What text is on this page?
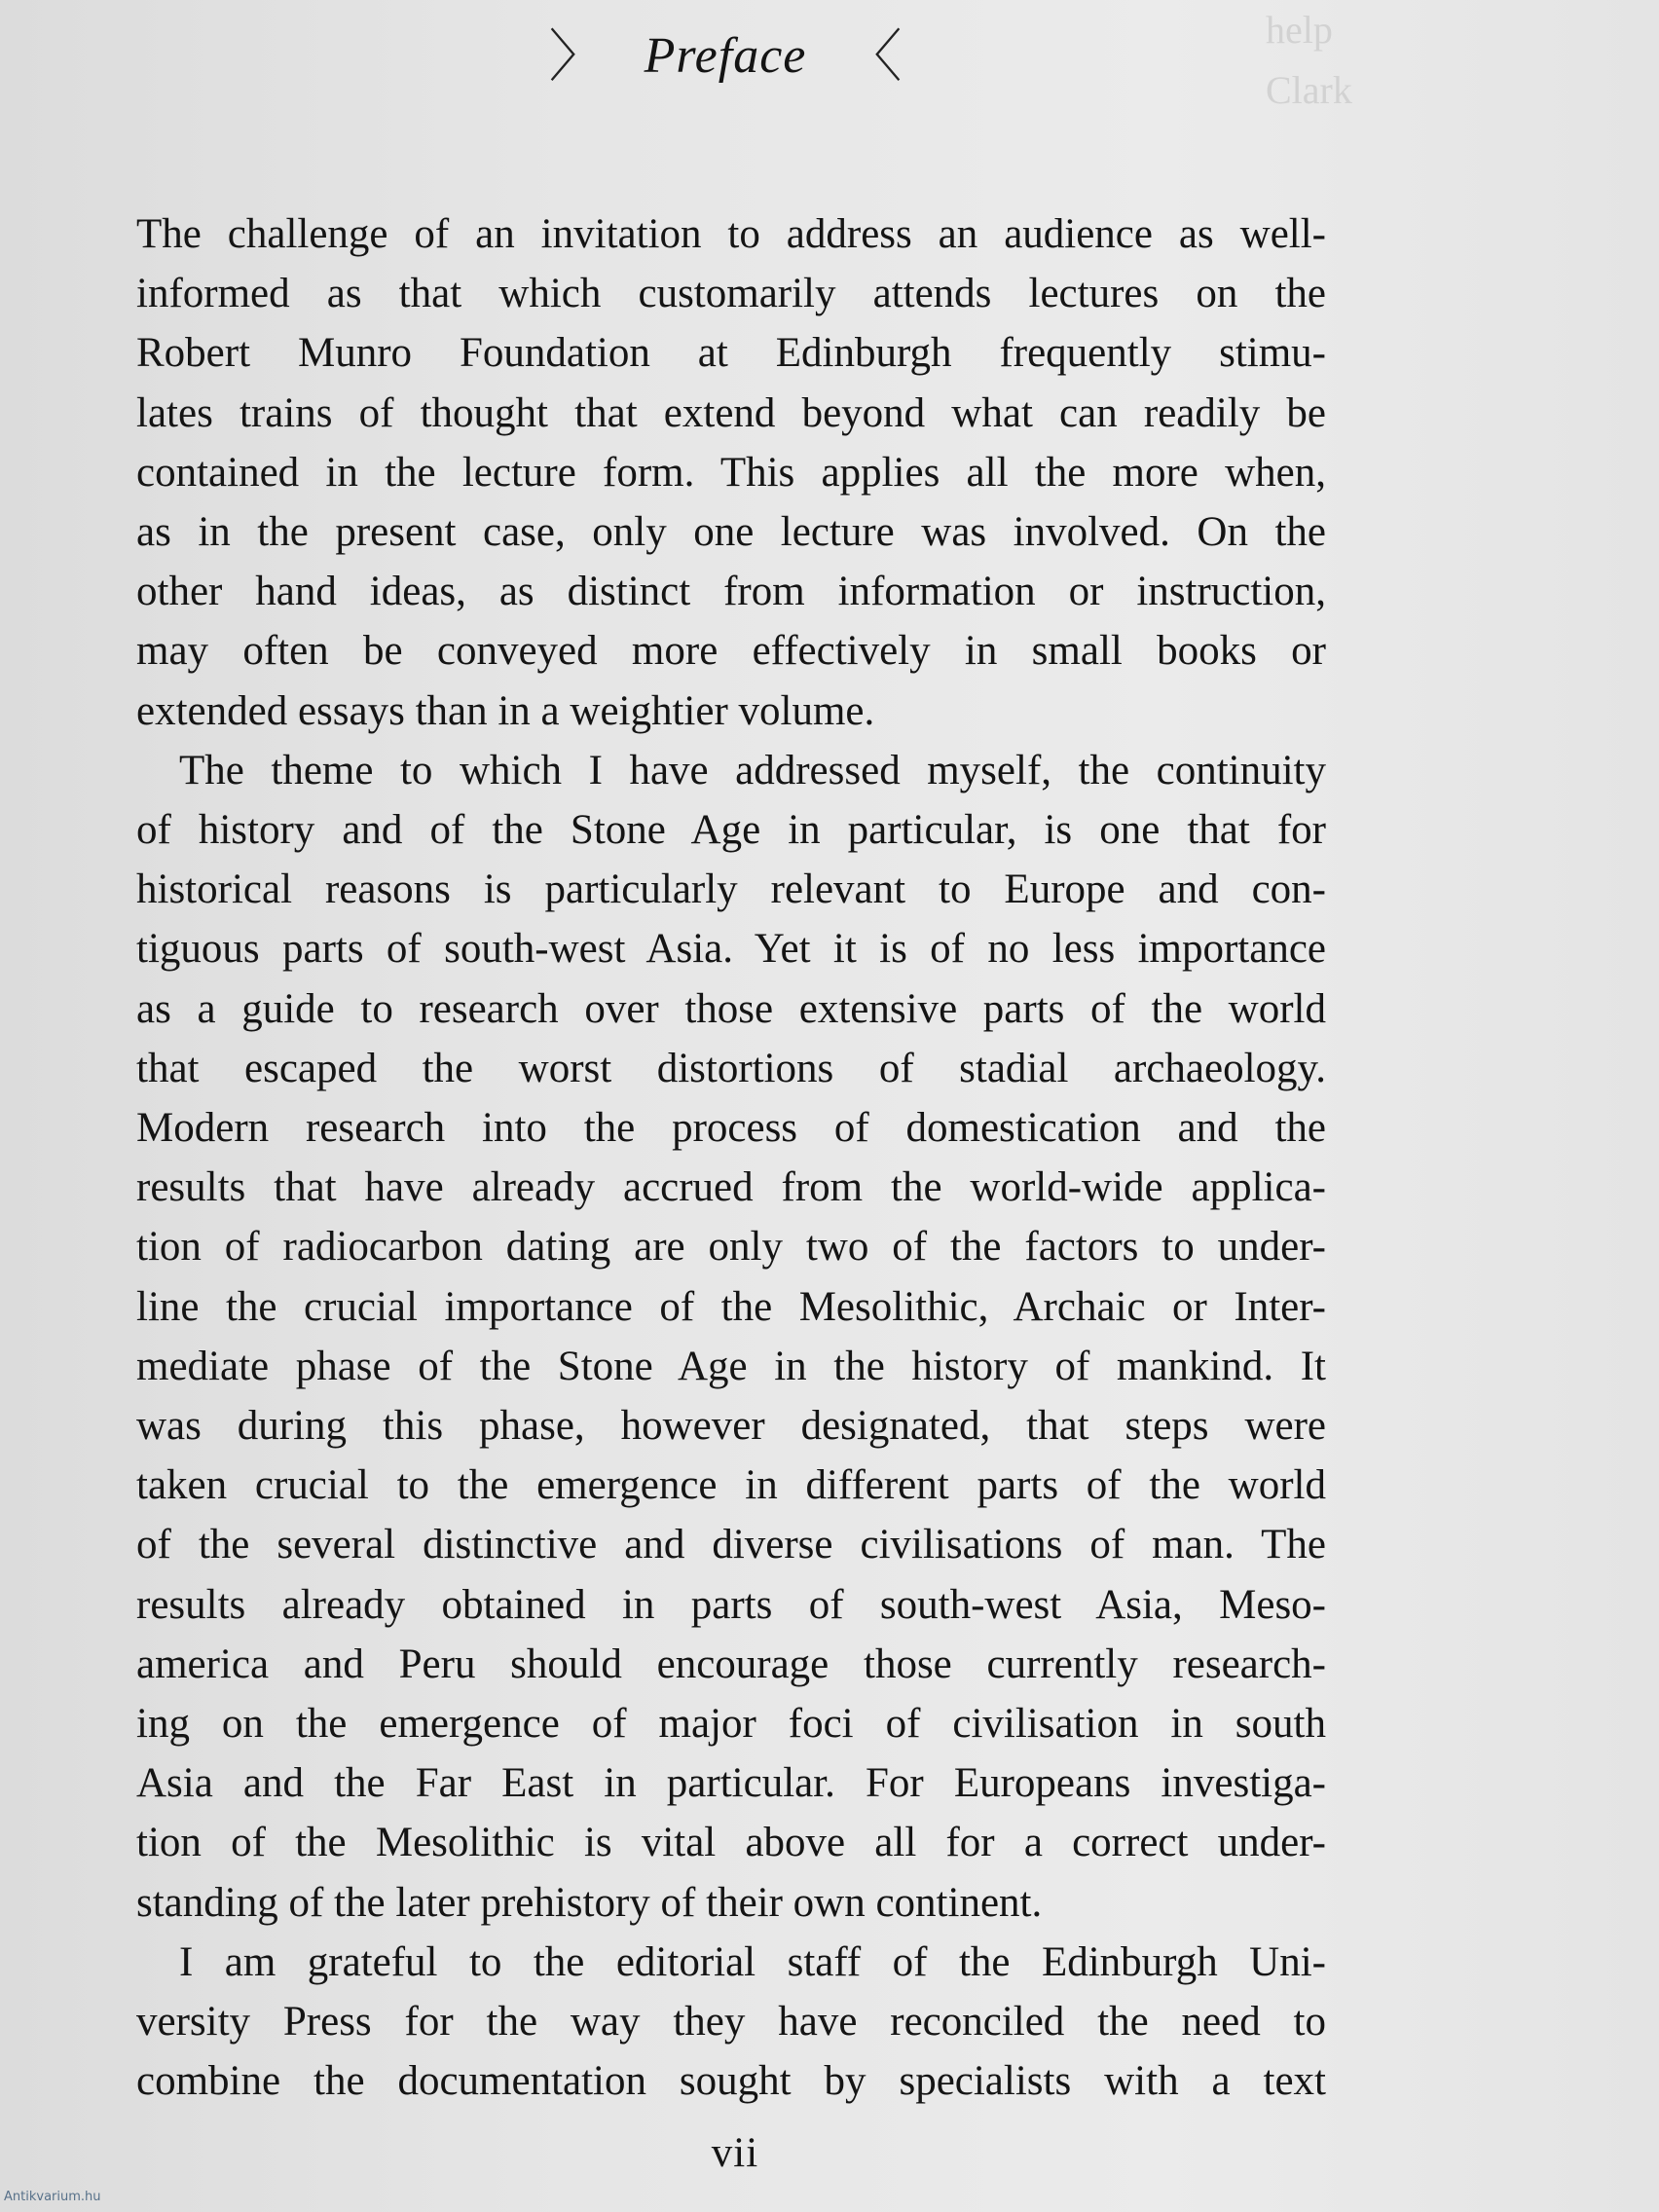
help
Clark
〉 Preface 〈
The challenge of an invitation to address an audience as well-
informed as that which customarily attends lectures on the
Robert Munro Foundation at Edinburgh frequently stimu-
lates trains of thought that extend beyond what can readily be
contained in the lecture form. This applies all the more when,
as in the present case, only one lecture was involved. On the
other hand ideas, as distinct from information or instruction,
may often be conveyed more effectively in small books or
extended essays than in a weightier volume.
The theme to which I have addressed myself, the continuity
of history and of the Stone Age in particular, is one that for
historical reasons is particularly relevant to Europe and con-
tiguous parts of south-west Asia. Yet it is of no less importance
as a guide to research over those extensive parts of the world
that escaped the worst distortions of stadial archaeology.
Modern research into the process of domestication and the
results that have already accrued from the world-wide applica-
tion of radiocarbon dating are only two of the factors to under-
line the crucial importance of the Mesolithic, Archaic or Inter-
mediate phase of the Stone Age in the history of mankind. It
was during this phase, however designated, that steps were
taken crucial to the emergence in different parts of the world
of the several distinctive and diverse civilisations of man. The
results already obtained in parts of south-west Asia, Meso-
america and Peru should encourage those currently research-
ing on the emergence of major foci of civilisation in south
Asia and the Far East in particular. For Europeans investiga-
tion of the Mesolithic is vital above all for a correct under-
standing of the later prehistory of their own continent.
I am grateful to the editorial staff of the Edinburgh Uni-
versity Press for the way they have reconciled the need to
combine the documentation sought by specialists with a text
vii
Antikvarium.hu
